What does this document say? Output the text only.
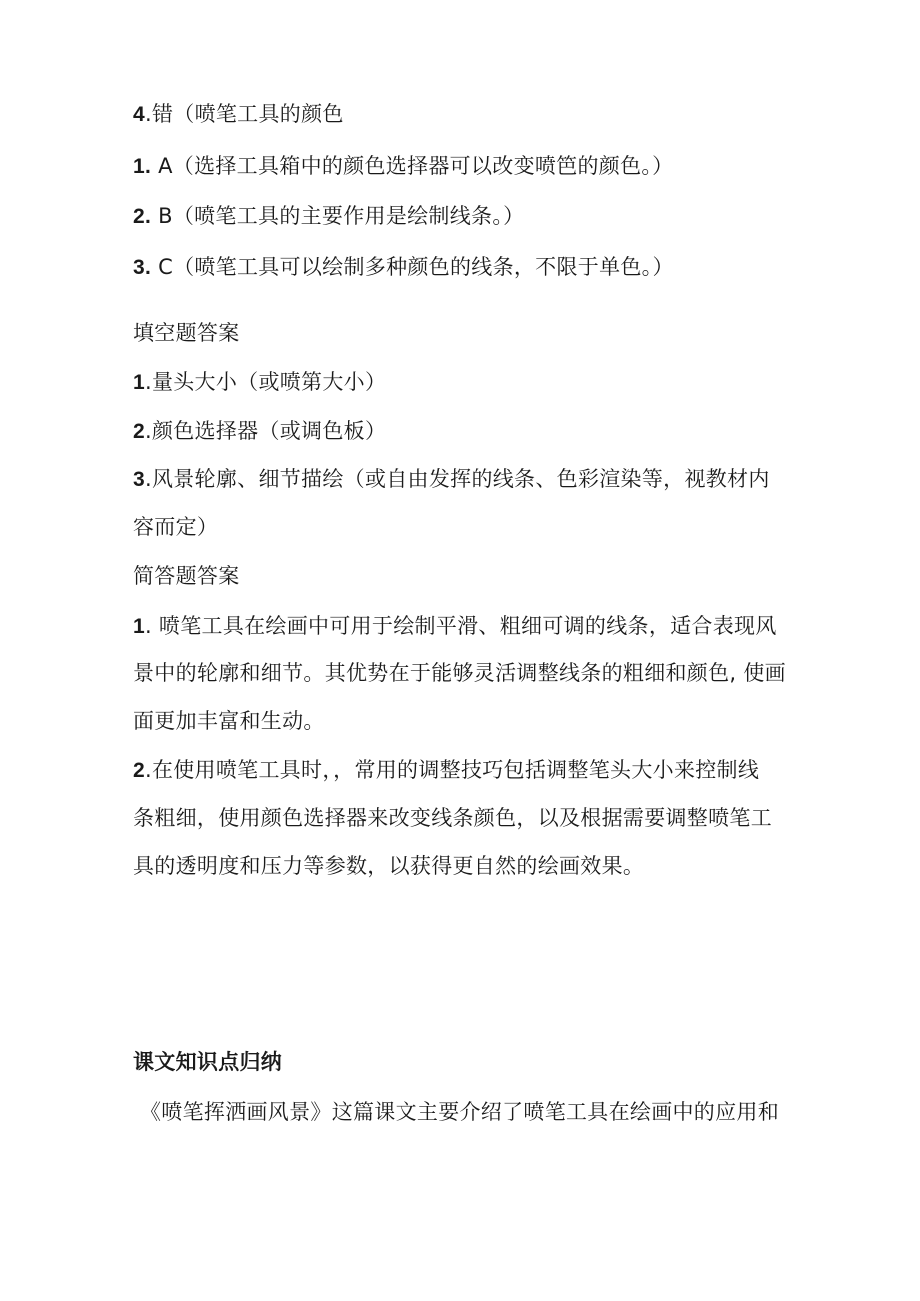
4.错（喷笔工具的颜色
1. A（选择工具箱中的颜色选择器可以改变喷笆的颜色。）
2. B（喷笔工具的主要作用是绘制线条。）
3. C（喷笔工具可以绘制多种颜色的线条，不限于单色。）
填空题答案
1.量头大小（或喷第大小）
2.颜色选择器（或调色板）
3.风景轮廓、细节描绘（或自由发挥的线条、色彩渲染等，视教材内
容而定）
简答题答案
1. 喷笔工具在绘画中可用于绘制平滑、粗细可调的线条，适合表现风
景中的轮廓和细节。其优势在于能够灵活调整线条的粗细和颜色, 使画
面更加丰富和生动。
2.在使用喷笔工具时，，常用的调整技巧包括调整笔头大小来控制线
条粗细，使用颜色选择器来改变线条颜色，以及根据需要调整喷笔工
具的透明度和压力等参数，以获得更自然的绘画效果。
课文知识点归纳
《喷笔挥洒画风景》这篇课文主要介绍了喷笔工具在绘画中的应用和
